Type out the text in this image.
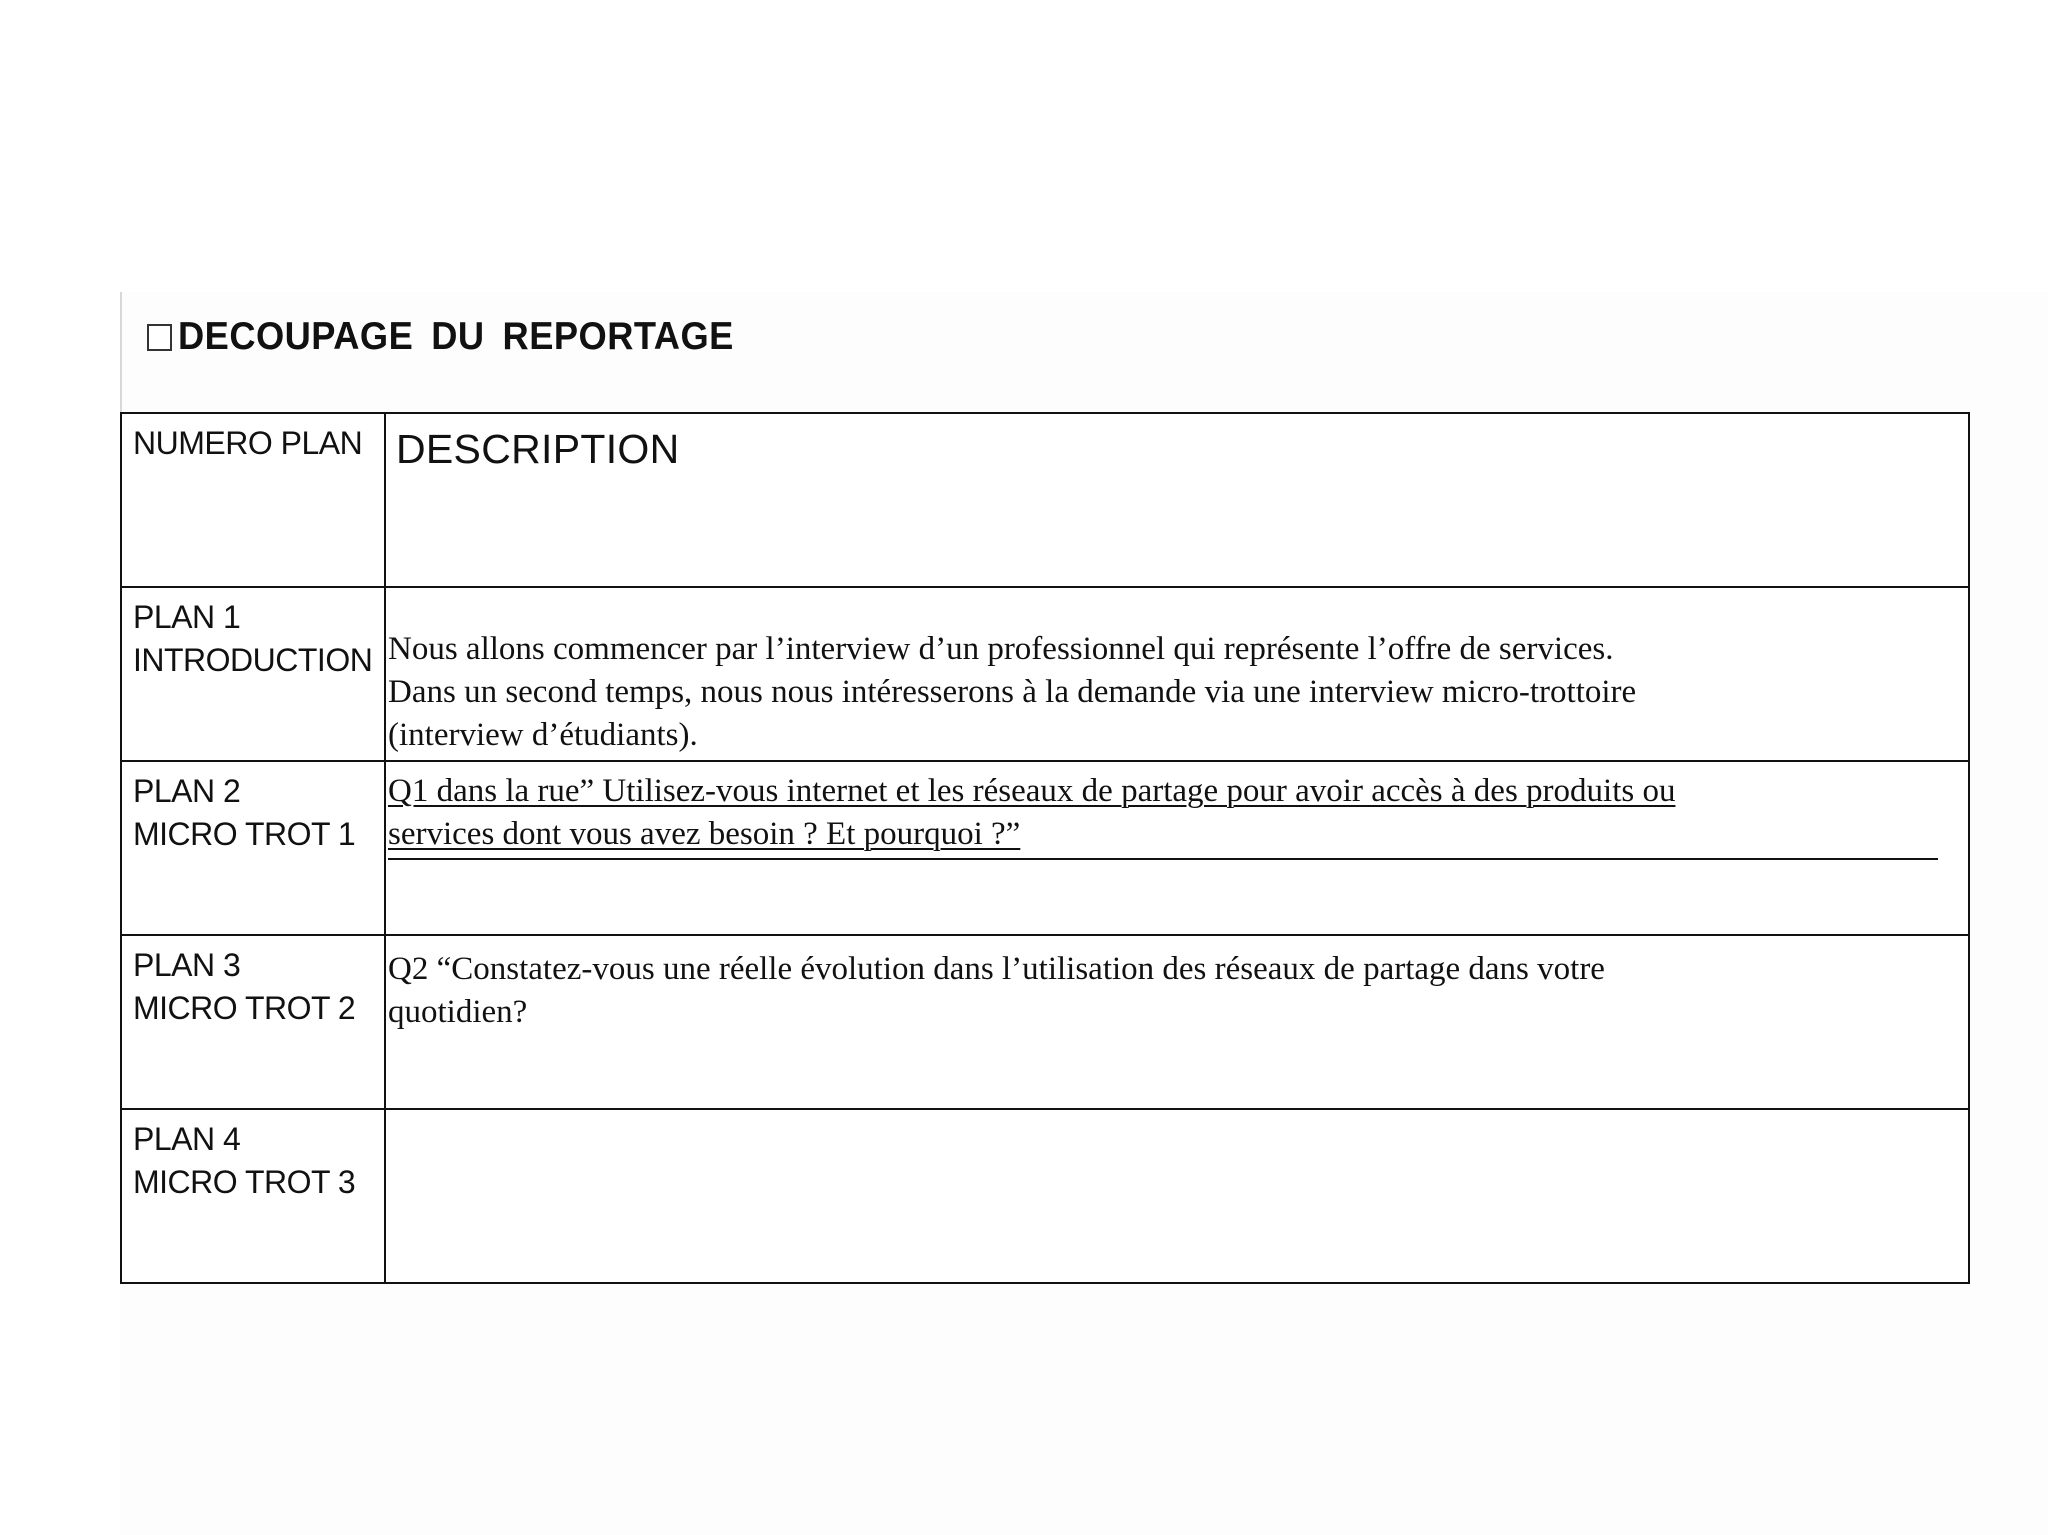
DECOUPAGE DU REPORTAGE
NUMERO PLAN	DESCRIPTION

PLAN 1
INTRODUCTION	Nous allons commencer par l’interview d’un professionnel qui représente l’offre de services.
Dans un second temps, nous nous intéresserons à la demande via une interview micro-trottoire
(interview d’étudiants).

PLAN 2
MICRO TROT 1	Q1 dans la rue” Utilisez-vous internet et les réseaux de partage pour avoir accès à des produits ou
services dont vous avez besoin ? Et pourquoi ?”

PLAN 3
MICRO TROT 2	Q2 “Constatez-vous une réelle évolution dans l’utilisation des réseaux de partage dans votre
quotidien?

PLAN 4
MICRO TROT 3	
